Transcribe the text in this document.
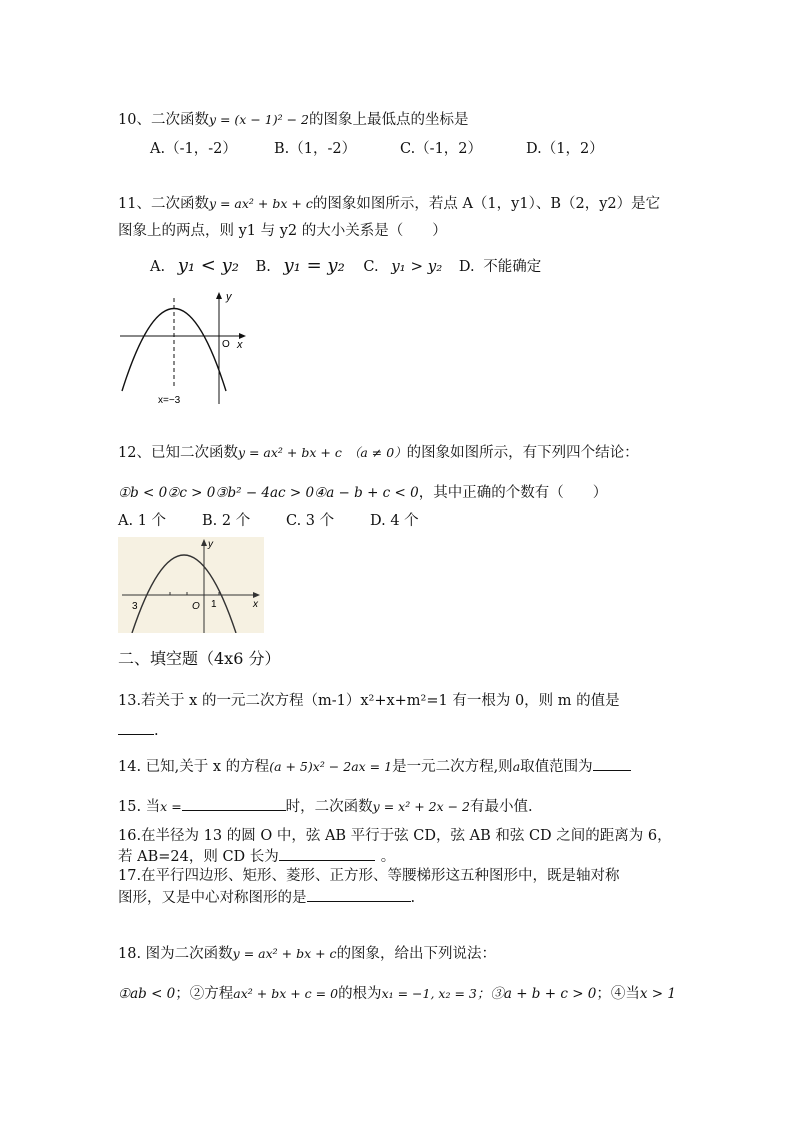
10、二次函数y = (x − 1)² − 2的图象上最低点的坐标是
A.（-1，-2）	B.（1，-2）	C.（-1，2）	D.（1，2）
11、二次函数y = ax² + bx + c的图象如图所示，若点 A（1，y1）、B（2，y2）是它
图象上的两点，则 y1 与 y2 的大小关系是（　　）
A. y₁ < y₂ B. y₁ = y₂ C. y₁ > y₂ D. 不能确定
y
x
O
x=−3
12、已知二次函数y = ax² + bx + c （a ≠ 0）的图象如图所示，有下列四个结论：
①b < 0②c > 0③b² − 4ac > 0④a − b + c < 0，其中正确的个数有（　　）
A. 1 个 B. 2 个 C. 3 个 D. 4 个
y
x
O
3	1
二、填空题（4x6 分）
13.若关于 x 的一元二次方程（m-1）x²+x+m²=1 有一根为 0，则 m 的值是
.
14. 已知,关于 x 的方程(a + 5)x² − 2ax = 1是一元二次方程,则a取值范围为
15. 当x =	时，二次函数y = x² + 2x − 2有最小值.
16.在半径为 13 的圆 O 中，弦 AB 平行于弦 CD，弦 AB 和弦 CD 之间的距离为 6，
若 AB=24，则 CD 长为	。
17.在平行四边形、矩形、菱形、正方形、等腰梯形这五种图形中，既是轴对称
图形，又是中心对称图形的是	.
18. 图为二次函数y = ax² + bx + c的图象，给出下列说法：
①ab < 0；②方程ax² + bx + c = 0的根为x₁ = −1, x₂ = 3；③a + b + c > 0；④当x > 1
